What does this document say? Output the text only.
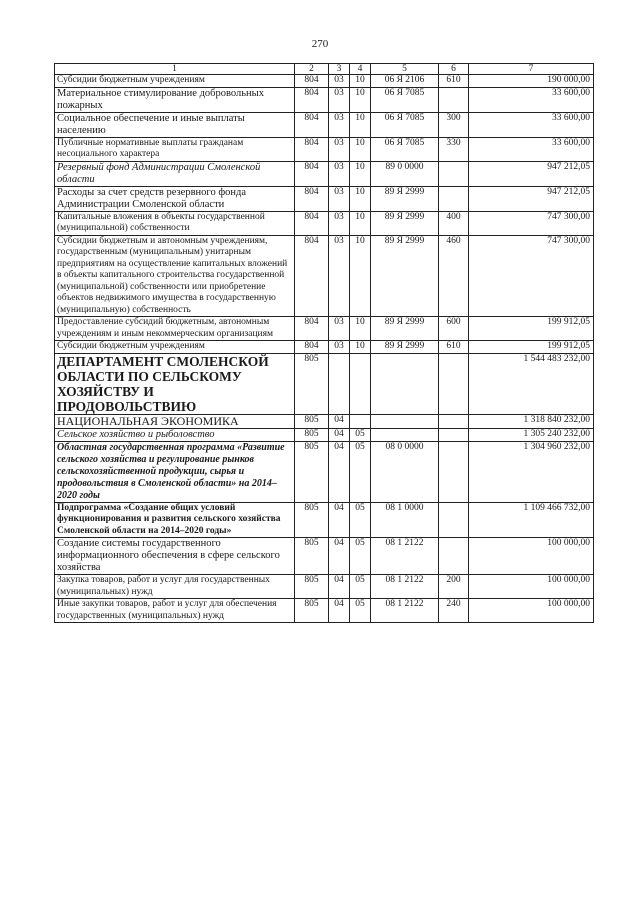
270
1	2	3	4	5	6	7
Субсидии бюджетным учреждениям	804	03	10	06 Я 2106	610	190 000,00
Материальное стимулирование добровольных пожарных	804	03	10	06 Я 7085		33 600,00
Социальное обеспечение и иные выплаты населению	804	03	10	06 Я 7085	300	33 600,00
Публичные нормативные выплаты гражданам несоциального характера	804	03	10	06 Я 7085	330	33 600,00
Резервный фонд Администрации Смоленской области	804	03	10	89 0 0000		947 212,05
Расходы за счет средств резервного фонда Администрации Смоленской области	804	03	10	89 Я 2999		947 212,05
Капитальные вложения в объекты государственной (муниципальной) собственности	804	03	10	89 Я 2999	400	747 300,00
Субсидии бюджетным и автономным учреждениям, государственным (муниципальным) унитарным предприятиям на осуществление капитальных вложений в объекты капитального строительства государственной (муниципальной) собственности или приобретение объектов недвижимого имущества в государственную (муниципальную) собственность	804	03	10	89 Я 2999	460	747 300,00
Предоставление субсидий бюджетным, автономным учреждениям и иным некоммерческим организациям	804	03	10	89 Я 2999	600	199 912,05
Субсидии бюджетным учреждениям	804	03	10	89 Я 2999	610	199 912,05
ДЕПАРТАМЕНТ СМОЛЕНСКОЙ ОБЛАСТИ ПО СЕЛЬСКОМУ ХОЗЯЙСТВУ И ПРОДОВОЛЬСТВИЮ	805					1 544 483 232,00
НАЦИОНАЛЬНАЯ ЭКОНОМИКА	805	04				1 318 840 232,00
Сельское хозяйство и рыболовство	805	04	05			1 305 240 232,00
Областная государственная программа «Развитие сельского хозяйства и регулирование рынков сельскохозяйственной продукции, сырья и продовольствия в Смоленской области» на 2014–2020 годы	805	04	05	08 0 0000		1 304 960 232,00
Подпрограмма «Создание общих условий функционирования и развития сельского хозяйства Смоленской области на 2014–2020 годы»	805	04	05	08 1 0000		1 109 466 732,00
Создание системы государственного информационного обеспечения в сфере сельского хозяйства	805	04	05	08 1 2122		100 000,00
Закупка товаров, работ и услуг для государственных (муниципальных) нужд	805	04	05	08 1 2122	200	100 000,00
Иные закупки товаров, работ и услуг для обеспечения государственных (муниципальных) нужд	805	04	05	08 1 2122	240	100 000,00
